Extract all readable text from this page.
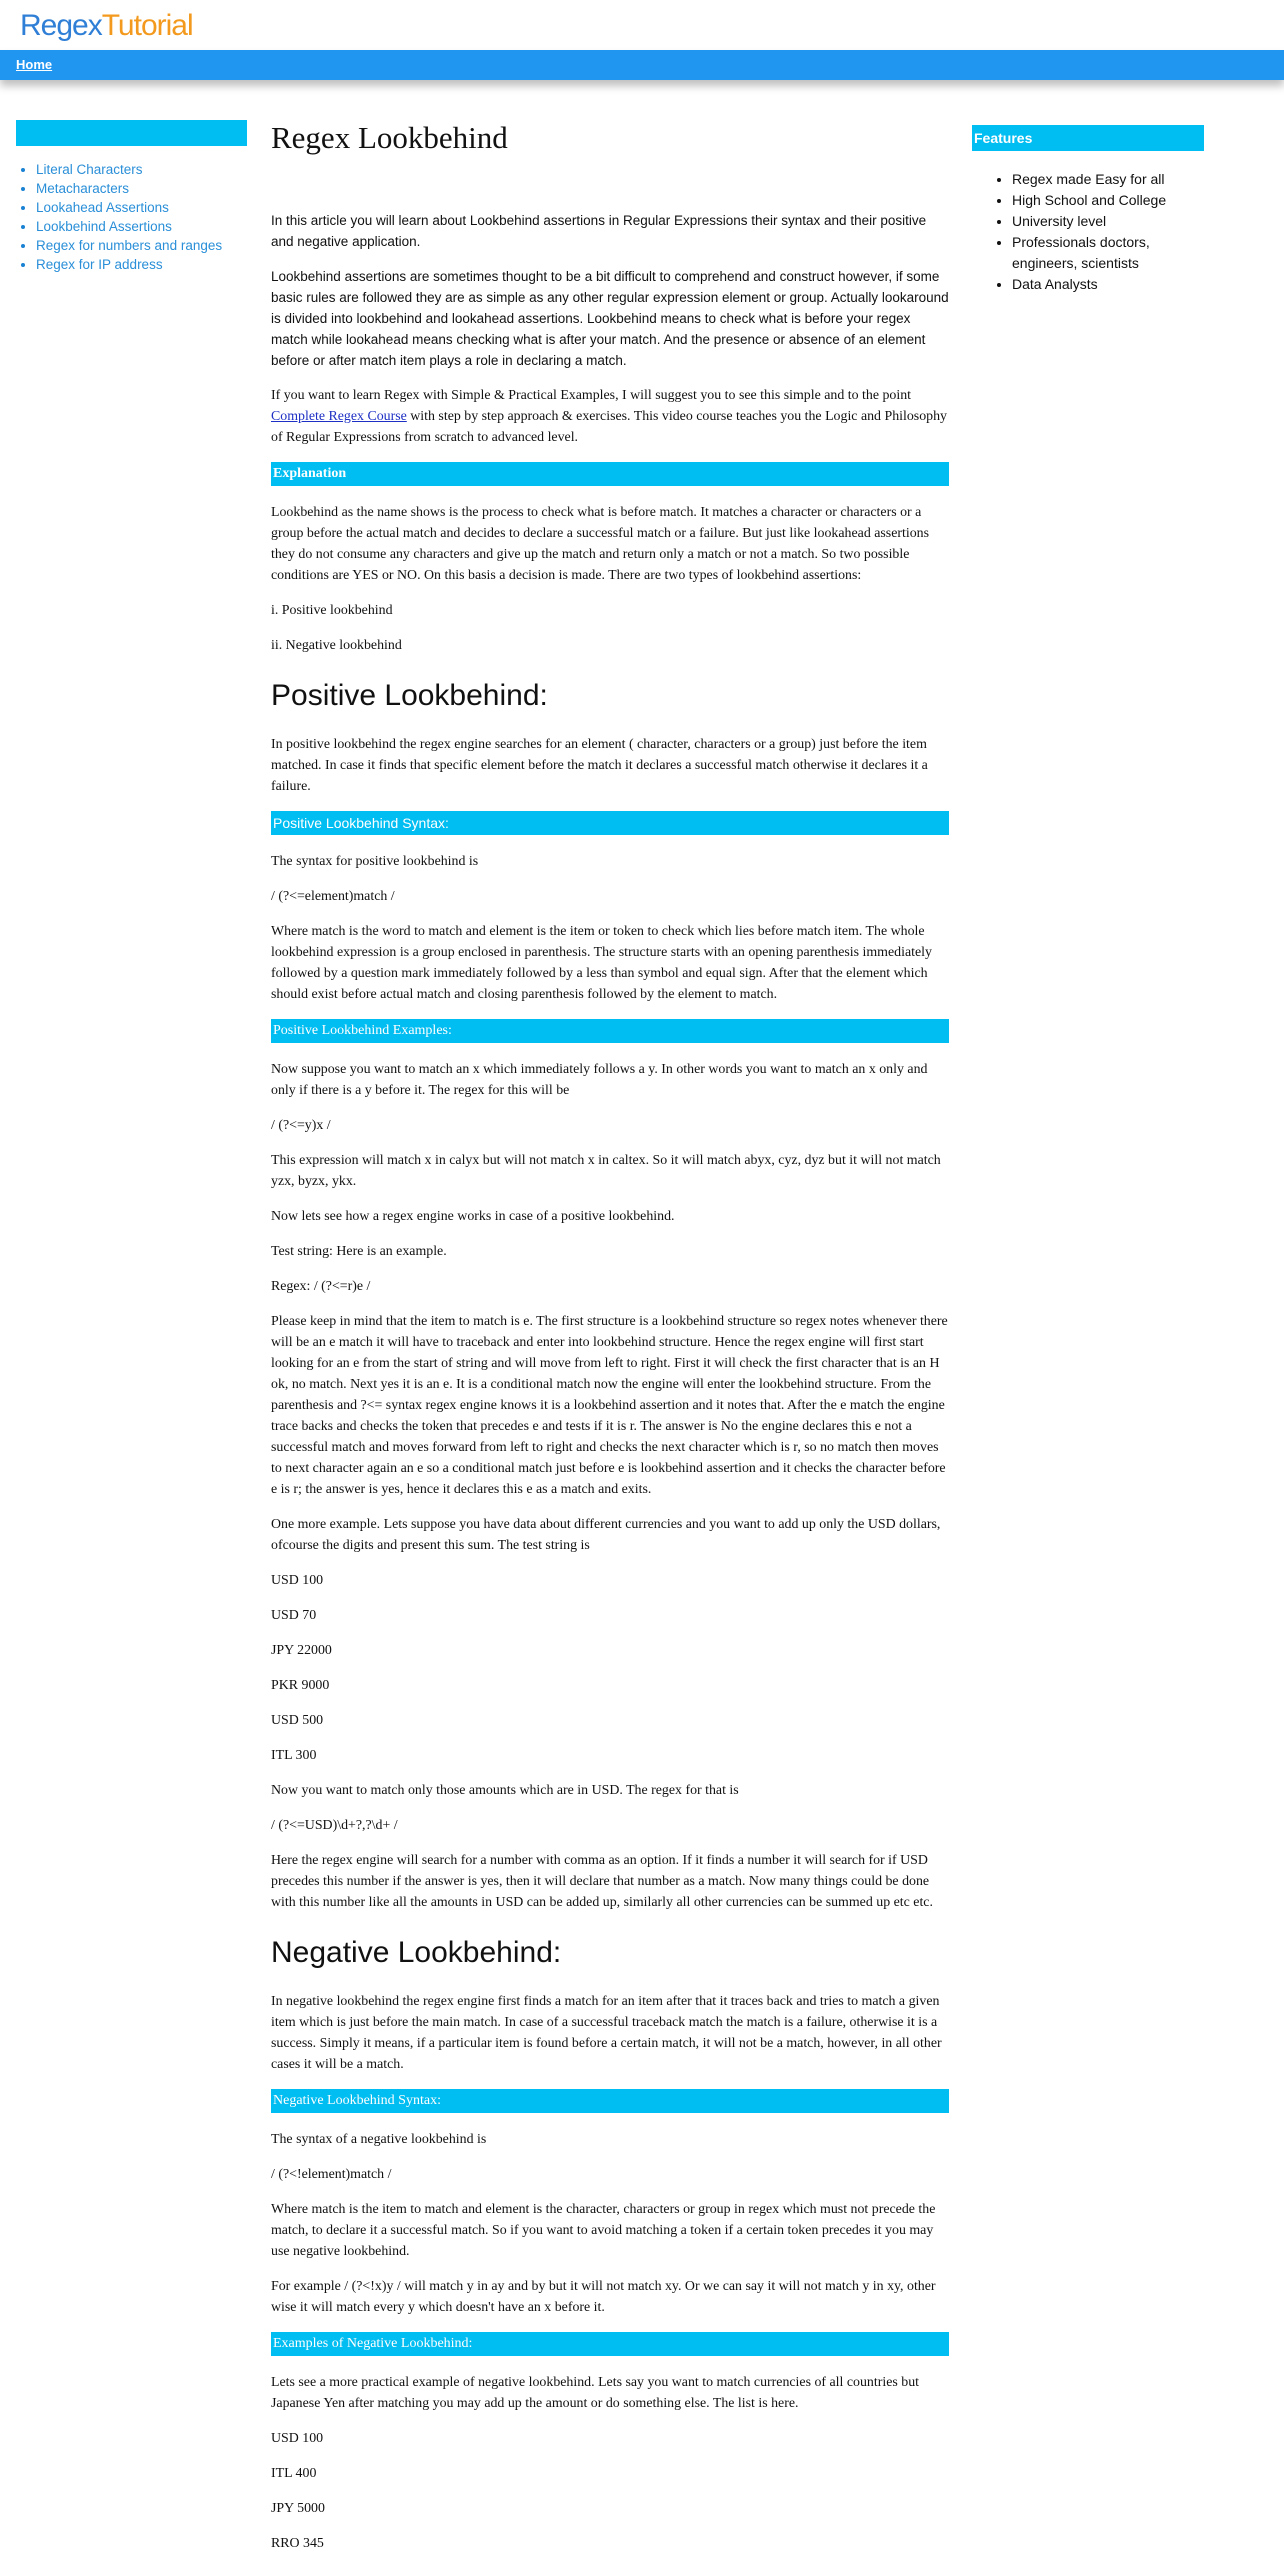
RegexTutorial
Home
• Literal Characters
• Metacharacters
• Lookahead Assertions
• Lookbehind Assertions
• Regex for numbers and ranges
• Regex for IP address
Features
• Regex made Easy for all
• High School and College
• University level
• Professionals doctors, engineers, scientists
• Data Analysts
Regex Lookbehind

In this article you will learn about Lookbehind assertions in Regular Expressions their syntax and their positive and negative application.

Lookbehind assertions are sometimes thought to be a bit difficult to comprehend and construct however, if some basic rules are followed they are as simple as any other regular expression element or group. Actually lookaround is divided into lookbehind and lookahead assertions. Lookbehind means to check what is before your regex match while lookahead means checking what is after your match. And the presence or absence of an element before or after match item plays a role in declaring a match.

If you want to learn Regex with Simple & Practical Examples, I will suggest you to see this simple and to the point Complete Regex Course with step by step approach & exercises. This video course teaches you the Logic and Philosophy of Regular Expressions from scratch to advanced level.

Explanation

Lookbehind as the name shows is the process to check what is before match. It matches a character or characters or a group before the actual match and decides to declare a successful match or a failure. But just like lookahead assertions they do not consume any characters and give up the match and return only a match or not a match. So two possible conditions are YES or NO. On this basis a decision is made. There are two types of lookbehind assertions:

i. Positive lookbehind

ii. Negative lookbehind

Positive Lookbehind:

In positive lookbehind the regex engine searches for an element ( character, characters or a group) just before the item matched. In case it finds that specific element before the match it declares a successful match otherwise it declares it a failure.

Positive Lookbehind Syntax:

The syntax for positive lookbehind is

/ (?<=element)match /

Where match is the word to match and element is the item or token to check which lies before match item. The whole lookbehind expression is a group enclosed in parenthesis. The structure starts with an opening parenthesis immediately followed by a question mark immediately followed by a less than symbol and equal sign. After that the element which should exist before actual match and closing parenthesis followed by the element to match.

Positive Lookbehind Examples:

Now suppose you want to match an x which immediately follows a y. In other words you want to match an x only and only if there is a y before it. The regex for this will be

/ (?<=y)x /

This expression will match x in calyx but will not match x in caltex. So it will match abyx, cyz, dyz but it will not match yzx, byzx, ykx.

Now lets see how a regex engine works in case of a positive lookbehind.

Test string: Here is an example.

Regex: / (?<=r)e /

Please keep in mind that the item to match is e. The first structure is a lookbehind structure so regex notes whenever there will be an e match it will have to traceback and enter into lookbehind structure. Hence the regex engine will first start looking for an e from the start of string and will move from left to right. First it will check the first character that is an H ok, no match. Next yes it is an e. It is a conditional match now the engine will enter the lookbehind structure. From the parenthesis and ?<= syntax regex engine knows it is a lookbehind assertion and it notes that. After the e match the engine trace backs and checks the token that precedes e and tests if it is r. The answer is No the engine declares this e not a successful match and moves forward from left to right and checks the next character which is r, so no match then moves to next character again an e so a conditional match just before e is lookbehind assertion and it checks the character before e is r; the answer is yes, hence it declares this e as a match and exits.

One more example. Lets suppose you have data about different currencies and you want to add up only the USD dollars, ofcourse the digits and present this sum. The test string is

USD 100

USD 70

JPY 22000

PKR 9000

USD 500

ITL 300

Now you want to match only those amounts which are in USD. The regex for that is

/ (?<=USD)\d+?,?\d+ /

Here the regex engine will search for a number with comma as an option. If it finds a number it will search for if USD precedes this number if the answer is yes, then it will declare that number as a match. Now many things could be done with this number like all the amounts in USD can be added up, similarly all other currencies can be summed up etc etc.

Negative Lookbehind:

In negative lookbehind the regex engine first finds a match for an item after that it traces back and tries to match a given item which is just before the main match. In case of a successful traceback match the match is a failure, otherwise it is a success. Simply it means, if a particular item is found before a certain match, it will not be a match, however, in all other cases it will be a match.

Negative Lookbehind Syntax:

The syntax of a negative lookbehind is

/ (?<!element)match /

Where match is the item to match and element is the character, characters or group in regex which must not precede the match, to declare it a successful match. So if you want to avoid matching a token if a certain token precedes it you may use negative lookbehind.

For example / (?<!x)y / will match y in ay and by but it will not match xy. Or we can say it will not match y in xy, other wise it will match every y which doesn't have an x before it.

Examples of Negative Lookbehind:

Lets see a more practical example of negative lookbehind. Lets say you want to match currencies of all countries but Japanese Yen after matching you may add up the amount or do something else. The list is here.

USD 100

ITL 400

JPY 5000

RRO 345
